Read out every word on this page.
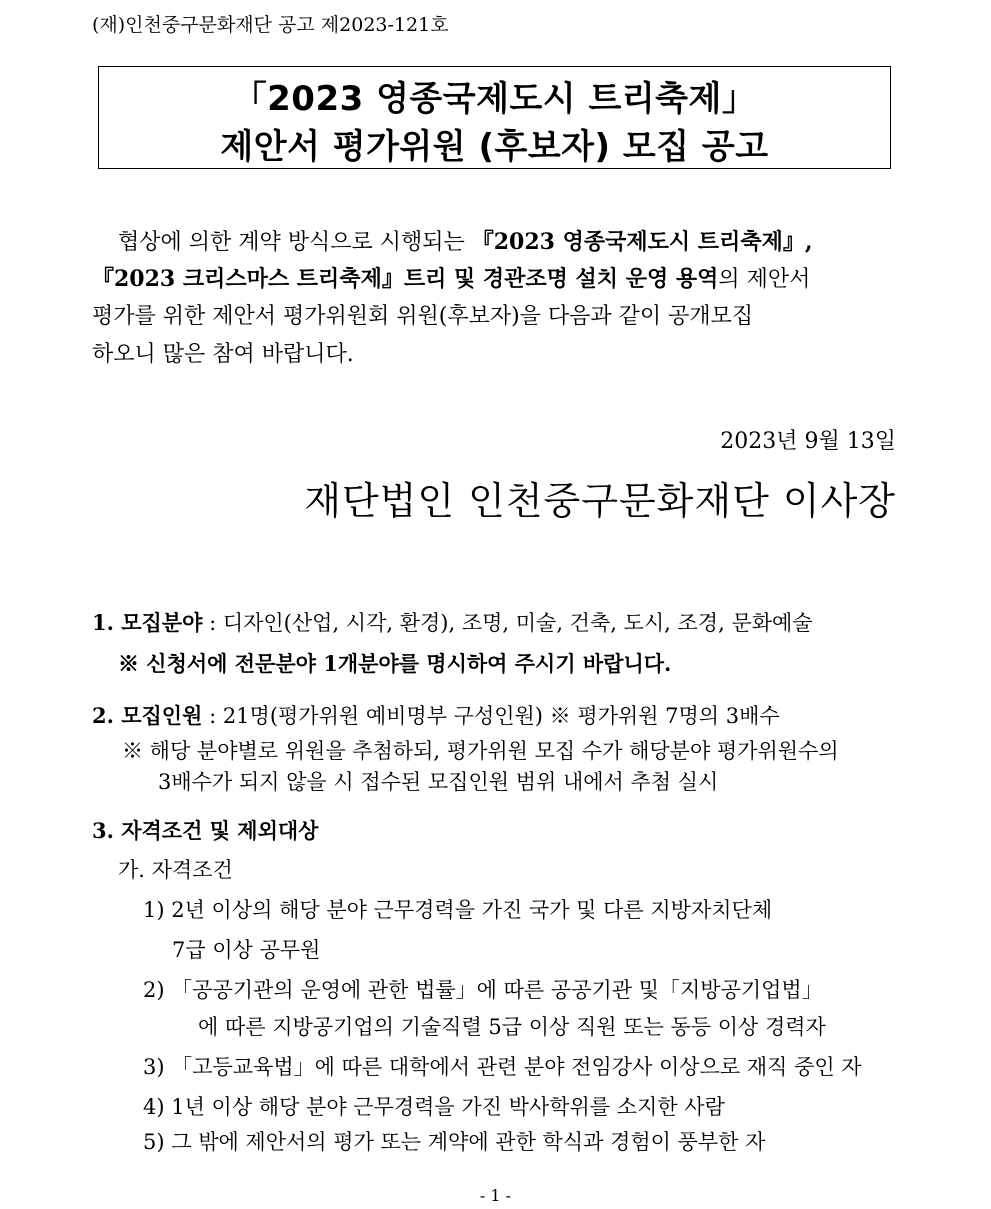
(재)인천중구문화재단 공고 제2023-121호
「2023 영종국제도시 트리축제」
제안서 평가위원 (후보자) 모집 공고
협상에 의한 계약 방식으로 시행되는 『2023 영종국제도시 트리축제』,
『2023 크리스마스 트리축제』트리 및 경관조명 설치 운영 용역의 제안서
평가를 위한 제안서 평가위원회 위원(후보자)을 다음과 같이 공개모집
하오니 많은 참여 바랍니다.
2023년 9월 13일
재단법인 인천중구문화재단 이사장
1. 모집분야 : 디자인(산업, 시각, 환경), 조명, 미술, 건축, 도시, 조경, 문화예술
※ 신청서에 전문분야 1개분야를 명시하여 주시기 바랍니다.
2. 모집인원 : 21명(평가위원 예비명부 구성인원) ※ 평가위원 7명의 3배수
※ 해당 분야별로 위원을 추첨하되, 평가위원 모집 수가 해당분야 평가위원수의
3배수가 되지 않을 시 접수된 모집인원 범위 내에서 추첨 실시
3. 자격조건 및 제외대상
가. 자격조건
1) 2년 이상의 해당 분야 근무경력을 가진 국가 및 다른 지방자치단체
7급 이상 공무원
2) 「공공기관의 운영에 관한 법률」에 따른 공공기관 및「지방공기업법」
에 따른 지방공기업의 기술직렬 5급 이상 직원 또는 동등 이상 경력자
3) 「고등교육법」에 따른 대학에서 관련 분야 전임강사 이상으로 재직 중인 자
4) 1년 이상 해당 분야 근무경력을 가진 박사학위를 소지한 사람
5) 그 밖에 제안서의 평가 또는 계약에 관한 학식과 경험이 풍부한 자
- 1 -
